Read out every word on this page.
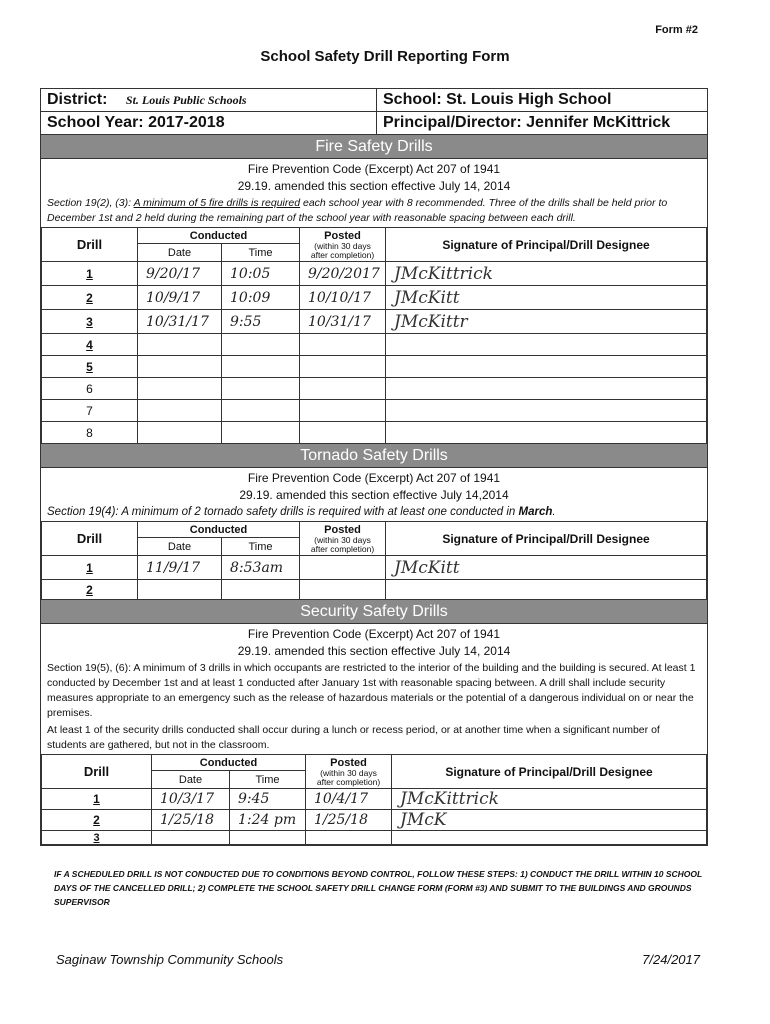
Form #2
School Safety Drill Reporting Form
District: St. Louis Public Schools	School: St. Louis High School
School Year: 2017-2018	Principal/Director: Jennifer McKittrick
Fire Safety Drills
Fire Prevention Code (Excerpt) Act 207 of 1941
29.19. amended this section effective July 14, 2014
Section 19(2), (3): A minimum of 5 fire drills is required each school year with 8 recommended. Three of the drills shall be held prior to December 1st and 2 held during the remaining part of the school year with reasonable spacing between each drill.
Drill	Conducted		Posted
(within 30 days
after completion)	Signature of Principal/Drill Designee
	Date	Time		
1	9/20/17	10:05	9/20/2017	JMcKittrick
2	10/9/17	10:09	10/10/17	JMcKitt
3	10/31/17	9:55	10/31/17	JMcKittr
4				
5				
6				
7				
8				
Tornado Safety Drills
Fire Prevention Code (Excerpt) Act 207 of 1941
29.19. amended this section effective July 14,2014
Section 19(4): A minimum of 2 tornado safety drills is required with at least one conducted in March.
Drill	Conducted		Posted
(within 30 days
after completion)	Signature of Principal/Drill Designee
	Date	Time		
1	11/9/17	8:53am		JMcKitt
2				
Security Safety Drills
Fire Prevention Code (Excerpt) Act 207 of 1941
29.19. amended this section effective July 14, 2014
Section 19(5), (6): A minimum of 3 drills in which occupants are restricted to the interior of the building and the building is secured. At least 1 conducted by December 1st and at least 1 conducted after January 1st with reasonable spacing between. A drill shall include security measures appropriate to an emergency such as the release of hazardous materials or the potential of a dangerous individual on or near the premises.
At least 1 of the security drills conducted shall occur during a lunch or recess period, or at another time when a significant number of students are gathered, but not in the classroom.
Drill	Conducted		Posted
(within 30 days
after completion)	Signature of Principal/Drill Designee
	Date	Time		
1	10/3/17	9:45	10/4/17	JMcKittrick
2	1/25/18	1:24 pm	1/25/18	JMcK
3				
IF A SCHEDULED DRILL IS NOT CONDUCTED DUE TO CONDITIONS BEYOND CONTROL, FOLLOW THESE STEPS: 1) CONDUCT THE DRILL WITHIN 10 SCHOOL DAYS OF THE CANCELLED DRILL; 2) COMPLETE THE SCHOOL SAFETY DRILL CHANGE FORM (FORM #3) AND SUBMIT TO THE BUILDINGS AND GROUNDS SUPERVISOR
Saginaw Township Community Schools	7/24/2017
